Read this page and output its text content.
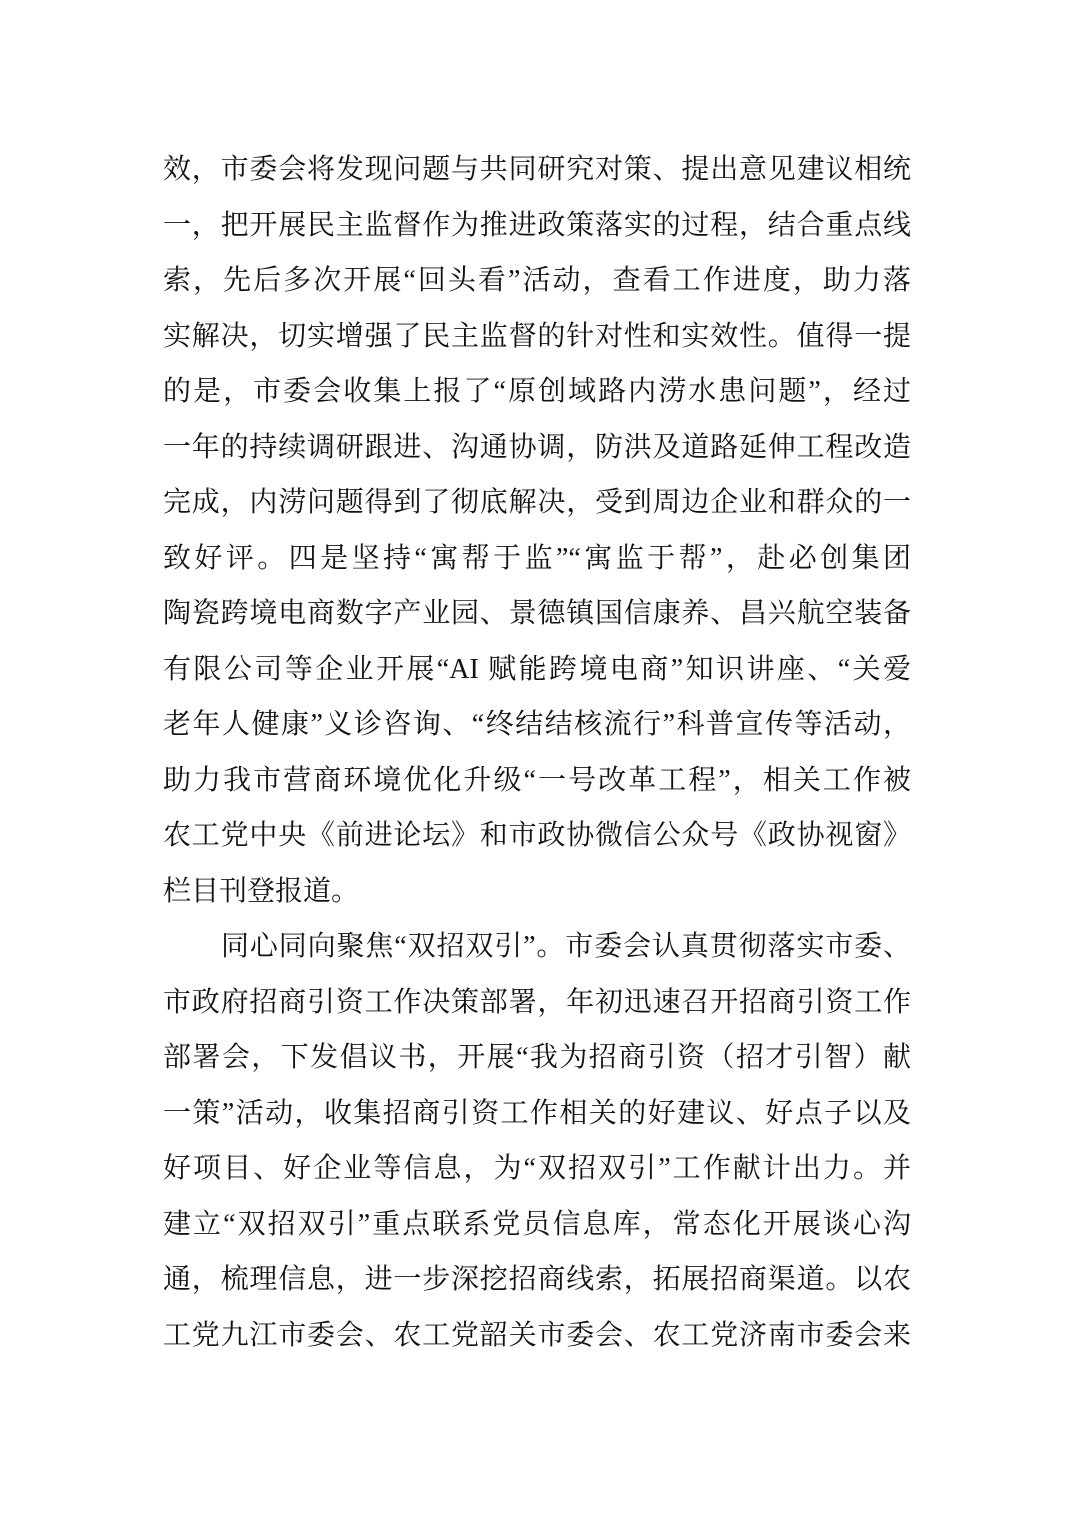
效，市委会将发现问题与共同研究对策、提出意见建议相统

一，把开展民主监督作为推进政策落实的过程，结合重点线

索，先后多次开展“回头看”活动，查看工作进度，助力落

实解决，切实增强了民主监督的针对性和实效性。值得一提

的是，市委会收集上报了“原创域路内涝水患问题”，经过

一年的持续调研跟进、沟通协调，防洪及道路延伸工程改造

完成，内涝问题得到了彻底解决，受到周边企业和群众的一

致好评。四是坚持“寓帮于监”“寓监于帮”，赴必创集团

陶瓷跨境电商数字产业园、景德镇国信康养、昌兴航空装备

有限公司等企业开展“AI 赋能跨境电商”知识讲座、“关爱

老年人健康”义诊咨询、“终结结核流行”科普宣传等活动，

助力我市营商环境优化升级“一号改革工程”，相关工作被

农工党中央《前进论坛》和市政协微信公众号《政协视窗》

栏目刊登报道。

同心同向聚焦“双招双引”。市委会认真贯彻落实市委、

市政府招商引资工作决策部署，年初迅速召开招商引资工作

部署会，下发倡议书，开展“我为招商引资（招才引智）献

一策”活动，收集招商引资工作相关的好建议、好点子以及

好项目、好企业等信息，为“双招双引”工作献计出力。并

建立“双招双引”重点联系党员信息库，常态化开展谈心沟

通，梳理信息，进一步深挖招商线索，拓展招商渠道。以农

工党九江市委会、农工党韶关市委会、农工党济南市委会来
